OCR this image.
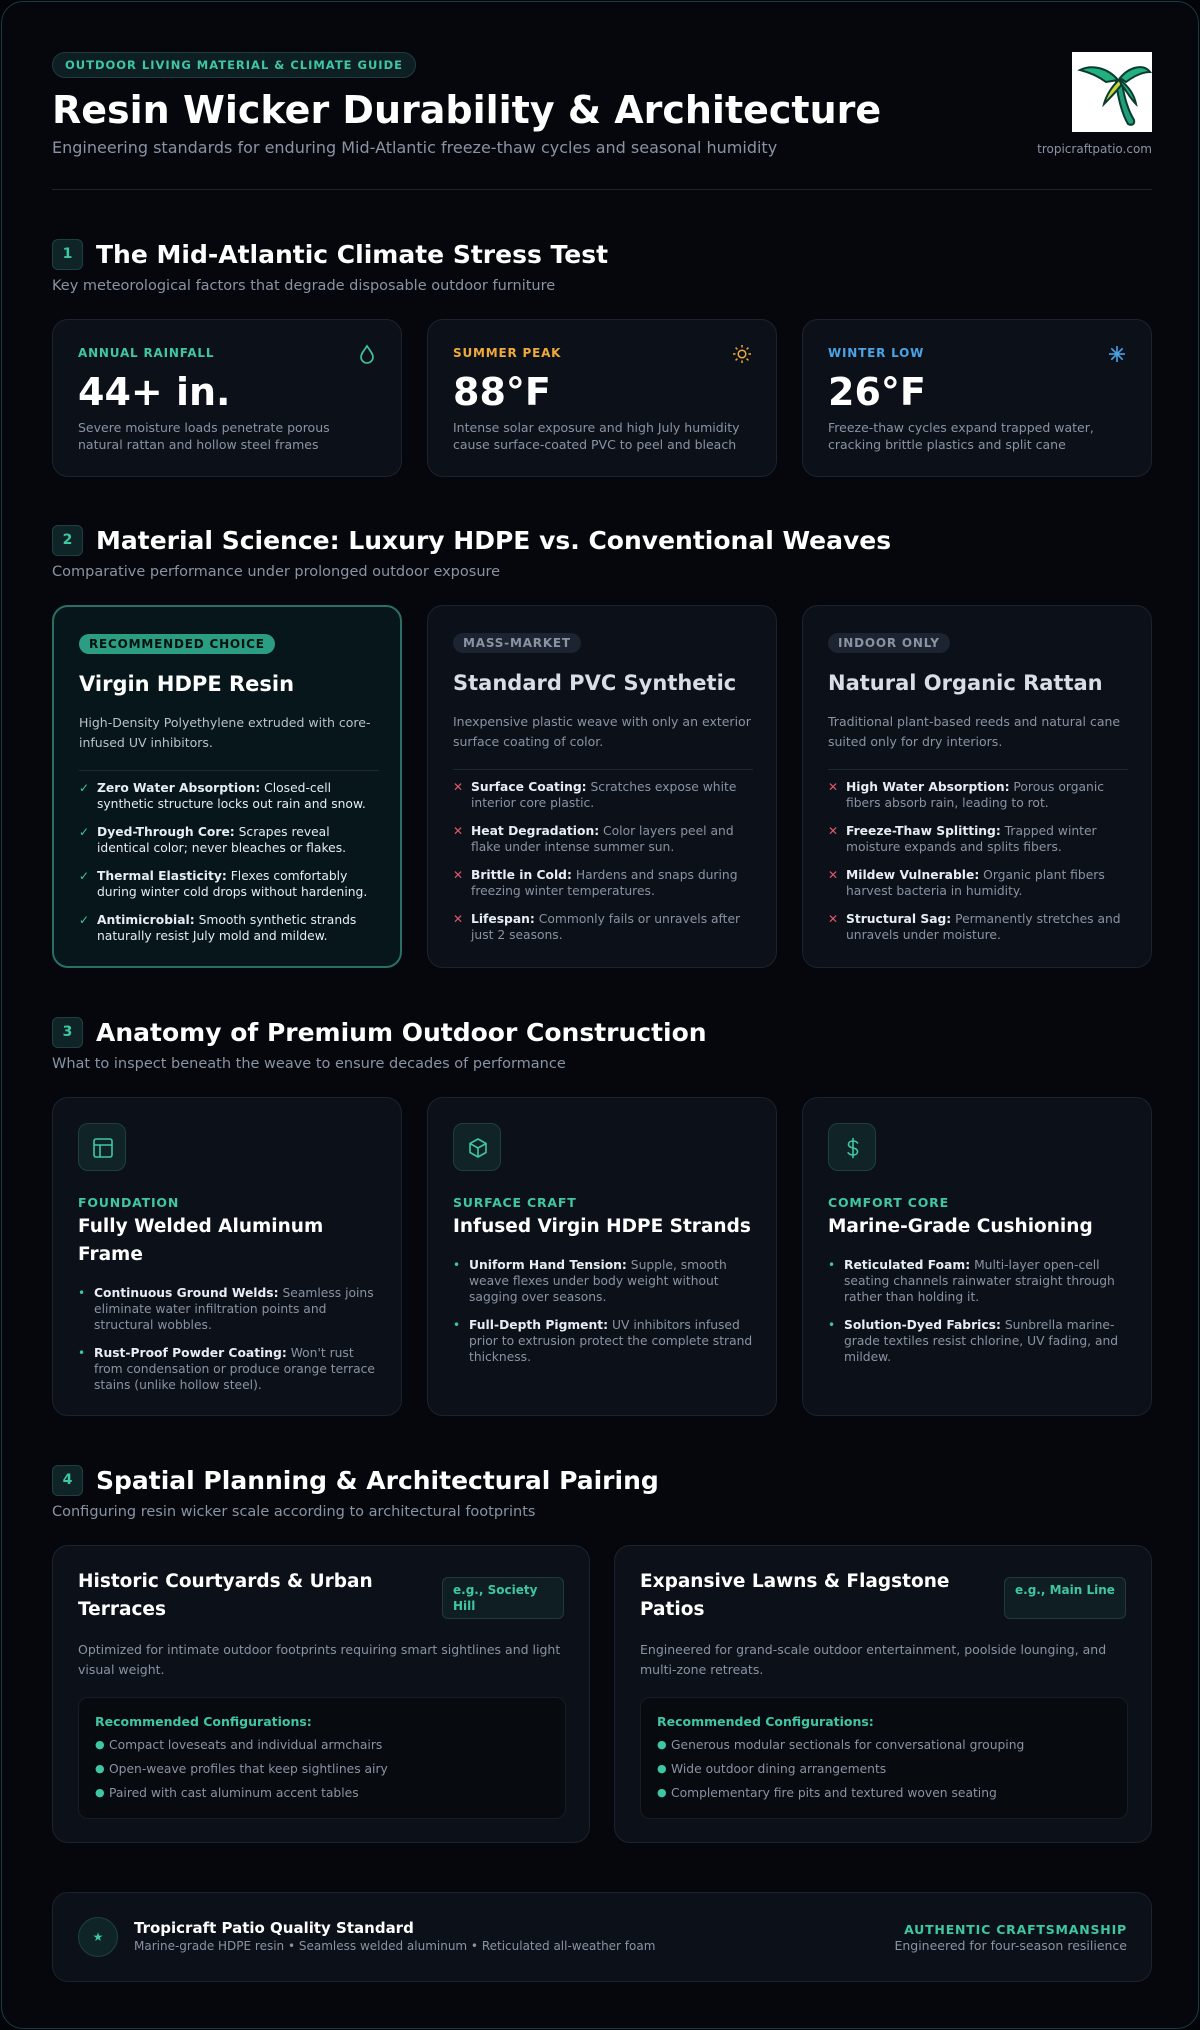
OUTDOOR LIVING MATERIAL & CLIMATE GUIDE
Resin Wicker Durability & Architecture
Engineering standards for enduring Mid-Atlantic freeze-thaw cycles and seasonal humidity	tropicraftpatio.com
1 The Mid-Atlantic Climate Stress Test
Key meteorological factors that degrade disposable outdoor furniture
ANNUAL RAINFALL
44+ in.
Severe moisture loads penetrate porous natural rattan and hollow steel frames
SUMMER PEAK
88°F
Intense solar exposure and high July humidity cause surface-coated PVC to peel and bleach
WINTER LOW
26°F
Freeze-thaw cycles expand trapped water, cracking brittle plastics and split cane
2 Material Science: Luxury HDPE vs. Conventional Weaves
Comparative performance under prolonged outdoor exposure
RECOMMENDED CHOICE
Virgin HDPE Resin
High-Density Polyethylene extruded with core-infused UV inhibitors.
✓ Zero Water Absorption: Closed-cell synthetic structure locks out rain and snow.
✓ Dyed-Through Core: Scrapes reveal identical color; never bleaches or flakes.
✓ Thermal Elasticity: Flexes comfortably during winter cold drops without hardening.
✓ Antimicrobial: Smooth synthetic strands naturally resist July mold and mildew.
MASS-MARKET
Standard PVC Synthetic
Inexpensive plastic weave with only an exterior surface coating of color.
✕ Surface Coating: Scratches expose white interior core plastic.
✕ Heat Degradation: Color layers peel and flake under intense summer sun.
✕ Brittle in Cold: Hardens and snaps during freezing winter temperatures.
✕ Lifespan: Commonly fails or unravels after just 2 seasons.
INDOOR ONLY
Natural Organic Rattan
Traditional plant-based reeds and natural cane suited only for dry interiors.
✕ High Water Absorption: Porous organic fibers absorb rain, leading to rot.
✕ Freeze-Thaw Splitting: Trapped winter moisture expands and splits fibers.
✕ Mildew Vulnerable: Organic plant fibers harvest bacteria in humidity.
✕ Structural Sag: Permanently stretches and unravels under moisture.
3 Anatomy of Premium Outdoor Construction
What to inspect beneath the weave to ensure decades of performance
FOUNDATION
Fully Welded Aluminum Frame
• Continuous Ground Welds: Seamless joins eliminate water infiltration points and structural wobbles.
• Rust-Proof Powder Coating: Won't rust from condensation or produce orange terrace stains (unlike hollow steel).
SURFACE CRAFT
Infused Virgin HDPE Strands
• Uniform Hand Tension: Supple, smooth weave flexes under body weight without sagging over seasons.
• Full-Depth Pigment: UV inhibitors infused prior to extrusion protect the complete strand thickness.
COMFORT CORE
Marine-Grade Cushioning
• Reticulated Foam: Multi-layer open-cell seating channels rainwater straight through rather than holding it.
• Solution-Dyed Fabrics: Sunbrella marine-grade textiles resist chlorine, UV fading, and mildew.
4 Spatial Planning & Architectural Pairing
Configuring resin wicker scale according to architectural footprints
Historic Courtyards & Urban Terraces
e.g., Society Hill
Optimized for intimate outdoor footprints requiring smart sightlines and light visual weight.
Recommended Configurations:
● Compact loveseats and individual armchairs
● Open-weave profiles that keep sightlines airy
● Paired with cast aluminum accent tables
Expansive Lawns & Flagstone Patios
e.g., Main Line
Engineered for grand-scale outdoor entertainment, poolside lounging, and multi-zone retreats.
Recommended Configurations:
● Generous modular sectionals for conversational grouping
● Wide outdoor dining arrangements
● Complementary fire pits and textured woven seating
★	Tropicraft Patio Quality Standard
Marine-grade HDPE resin • Seamless welded aluminum • Reticulated all-weather foam
AUTHENTIC CRAFTSMANSHIP
Engineered for four-season resilience
